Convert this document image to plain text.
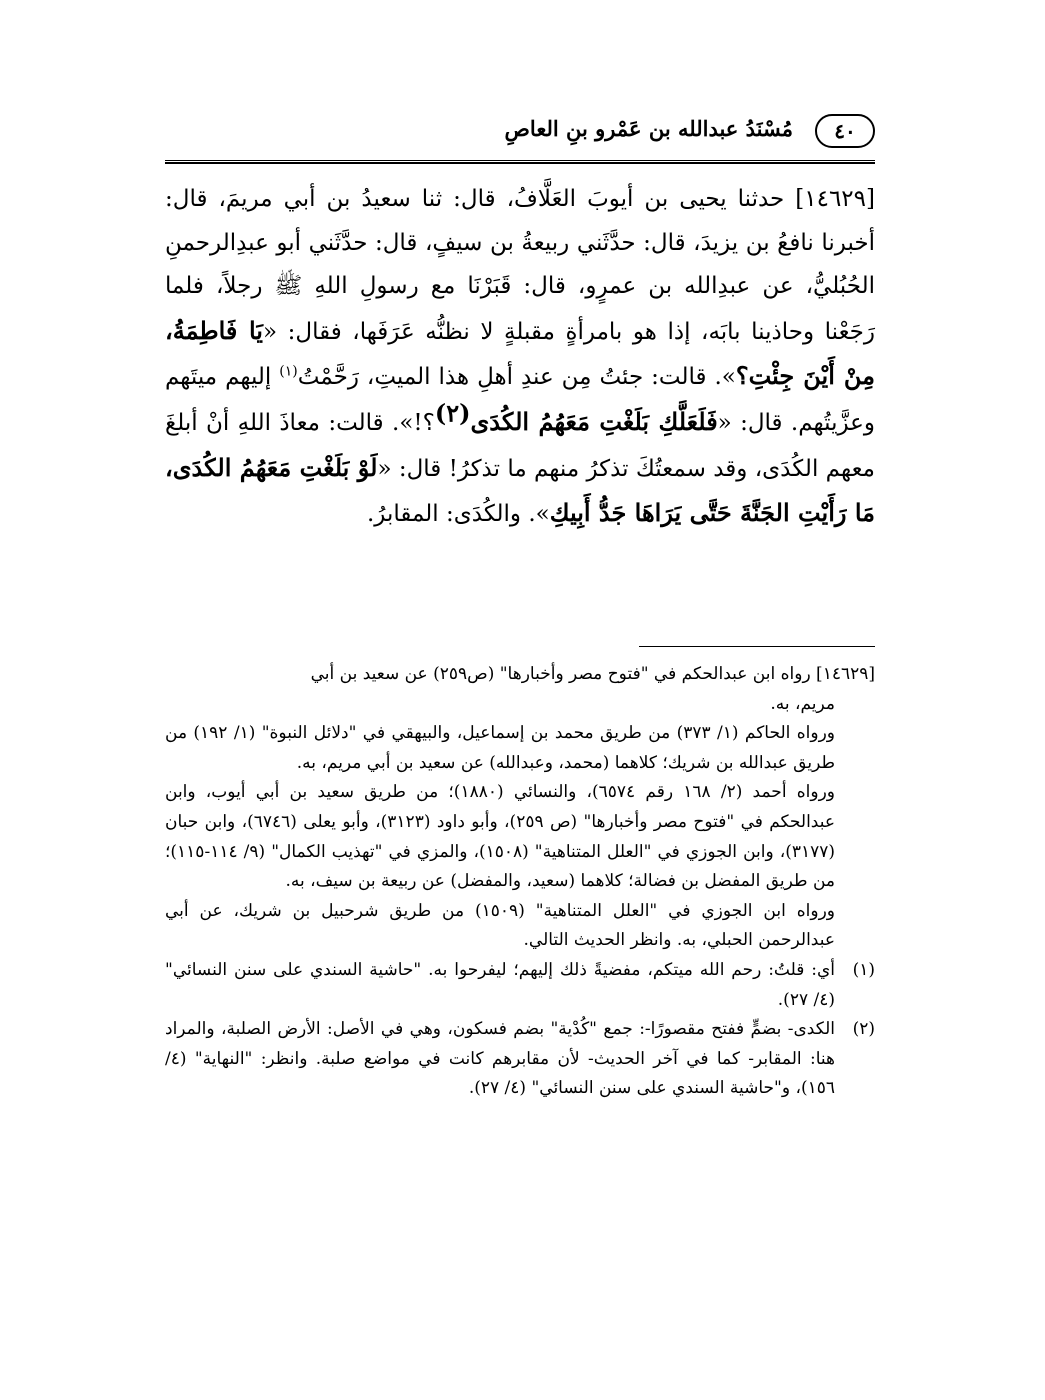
٤٠
مُسْنَدُ عبدالله بن عَمْرو بنِ العاصِ

[١٤٦٢٩] حدثنا يحيى بن أيوبَ العَلَّافُ، قال: ثنا سعيدُ بن أبي مريمَ، قال: أخبرنا نافعُ بن يزيدَ، قال: حدَّثَني ربيعةُ بن سيفٍ، قال: حدَّثَني أبو عبدِالرحمنِ الحُبُليُّ، عن عبدِالله بن عمرٍو، قال: قَبَرْنَا مع رسولِ اللهِ ﷺ رجلاً، فلما رَجَعْنا وحاذينا بابَه، إذا هو بامرأةٍ مقبلةٍ لا نظنُّه عَرَفَها، فقال: «يَا فَاطِمَةُ، مِنْ أَيْنَ جِئْتِ؟». قالت: جئتُ مِن عندِ أهلِ هذا الميتِ، رَحَّمْتُ$^{(١)}$ إليهم ميتَهم وعزَّيتُهم. قال: «فَلَعَلَّكِ بَلَغْتِ مَعَهُمُ الكُدَى$^{(٢)}$؟!». قالت: معاذَ اللهِ أنْ أبلغَ معهم الكُدَى، وقد سمعتُكَ تذكرُ منهم ما تذكرُ! قال: «لَوْ بَلَغْتِ مَعَهُمُ الكُدَى، مَا رَأَيْتِ الجَنَّةَ حَتَّى يَرَاهَا جَدُّ أَبِيكِ». والكُدَى: المقابرُ.

[١٤٦٢٩] رواه ابن عبدالحكم في "فتوح مصر وأخبارها" (ص٢٥٩) عن سعيد بن أبي

مريم، به.

ورواه الحاكم (١/ ٣٧٣) من طريق محمد بن إسماعيل، والبيهقي في "دلائل النبوة" (١/ ١٩٢) من طريق عبدالله بن شريك؛ كلاهما (محمد، وعبدالله) عن سعيد بن أبي مريم، به.

ورواه أحمد (٢/ ١٦٨ رقم ٦٥٧٤)، والنسائي (١٨٨٠)؛ من طريق سعيد بن أبي أيوب، وابن عبدالحكم في "فتوح مصر وأخبارها" (ص ٢٥٩)، وأبو داود (٣١٢٣)، وأبو يعلى (٦٧٤٦)، وابن حبان (٣١٧٧)، وابن الجوزي في "العلل المتناهية" (١٥٠٨)، والمزي في "تهذيب الكمال" (٩/ ١١٤-١١٥)؛ من طريق المفضل بن فضالة؛ كلاهما (سعيد، والمفضل) عن ربيعة بن سيف، به.

ورواه ابن الجوزي في "العلل المتناهية" (١٥٠٩) من طريق شرحبيل بن شريك، عن أبي عبدالرحمن الحبلي، به. وانظر الحديث التالي.

(١)
أي: قلتُ: رحم الله ميتكم، مفضيةً ذلك إليهم؛ ليفرحوا به. "حاشية السندي على سنن النسائي" (٤/ ٢٧).
(٢)
الكدى- بضمٍّ ففتح مقصورًا-: جمع "كُدْية" بضم فسكون، وهي في الأصل: الأرض الصلبة، والمراد هنا: المقابر- كما في آخر الحديث- لأن مقابرهم كانت في مواضع صلبة. وانظر: "النهاية" (٤/ ١٥٦)، و"حاشية السندي على سنن النسائي" (٤/ ٢٧).
